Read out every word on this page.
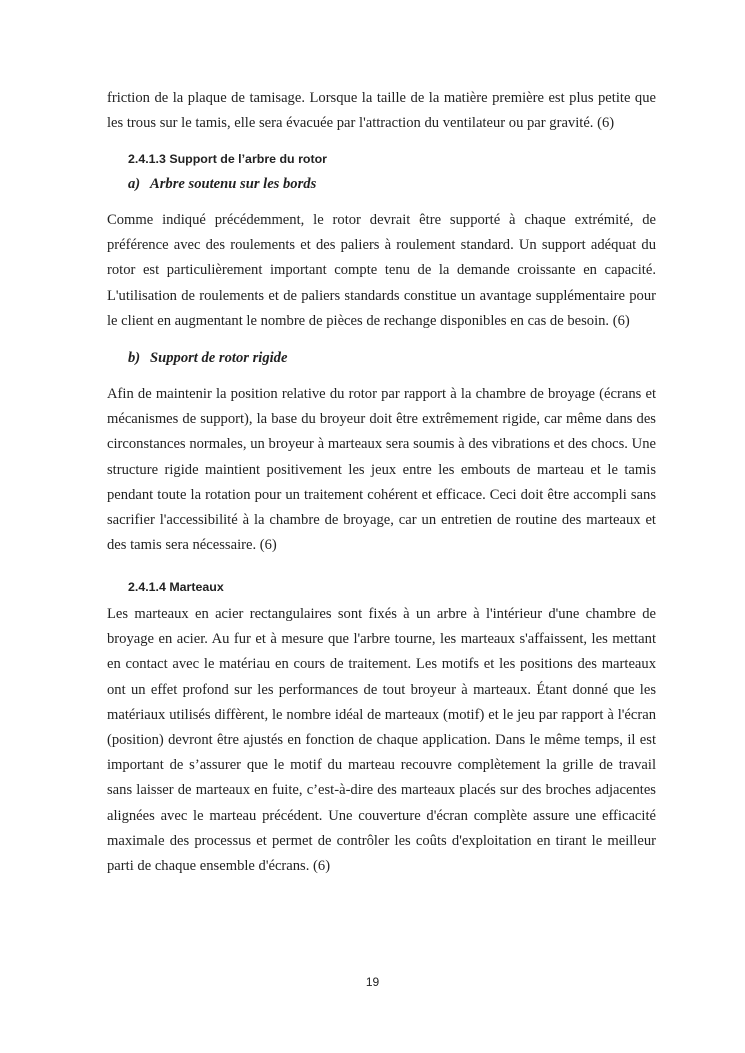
friction de la plaque de tamisage. Lorsque la taille de la matière première est plus petite que les trous sur le tamis, elle sera évacuée par l'attraction du ventilateur ou par gravité. (6)

2.4.1.3 Support de l’arbre du rotor

a) Arbre soutenu sur les bords

Comme indiqué précédemment, le rotor devrait être supporté à chaque extrémité, de préférence avec des roulements et des paliers à roulement standard. Un support adéquat du rotor est particulièrement important compte tenu de la demande croissante en capacité. L'utilisation de roulements et de paliers standards constitue un avantage supplémentaire pour le client en augmentant le nombre de pièces de rechange disponibles en cas de besoin. (6)

b) Support de rotor rigide

Afin de maintenir la position relative du rotor par rapport à la chambre de broyage (écrans et mécanismes de support), la base du broyeur doit être extrêmement rigide, car même dans des circonstances normales, un broyeur à marteaux sera soumis à des vibrations et des chocs. Une structure rigide maintient positivement les jeux entre les embouts de marteau et le tamis pendant toute la rotation pour un traitement cohérent et efficace. Ceci doit être accompli sans sacrifier l'accessibilité à la chambre de broyage, car un entretien de routine des marteaux et des tamis sera nécessaire. (6)

2.4.1.4 Marteaux

Les marteaux en acier rectangulaires sont fixés à un arbre à l'intérieur d'une chambre de broyage en acier. Au fur et à mesure que l'arbre tourne, les marteaux s'affaissent, les mettant en contact avec le matériau en cours de traitement. Les motifs et les positions des marteaux ont un effet profond sur les performances de tout broyeur à marteaux. Étant donné que les matériaux utilisés diffèrent, le nombre idéal de marteaux (motif) et le jeu par rapport à l'écran (position) devront être ajustés en fonction de chaque application. Dans le même temps, il est important de s’assurer que le motif du marteau recouvre complètement la grille de travail sans laisser de marteaux en fuite, c’est-à-dire des marteaux placés sur des broches adjacentes alignées avec le marteau précédent. Une couverture d'écran complète assure une efficacité maximale des processus et permet de contrôler les coûts d'exploitation en tirant le meilleur parti de chaque ensemble d'écrans. (6)

19
